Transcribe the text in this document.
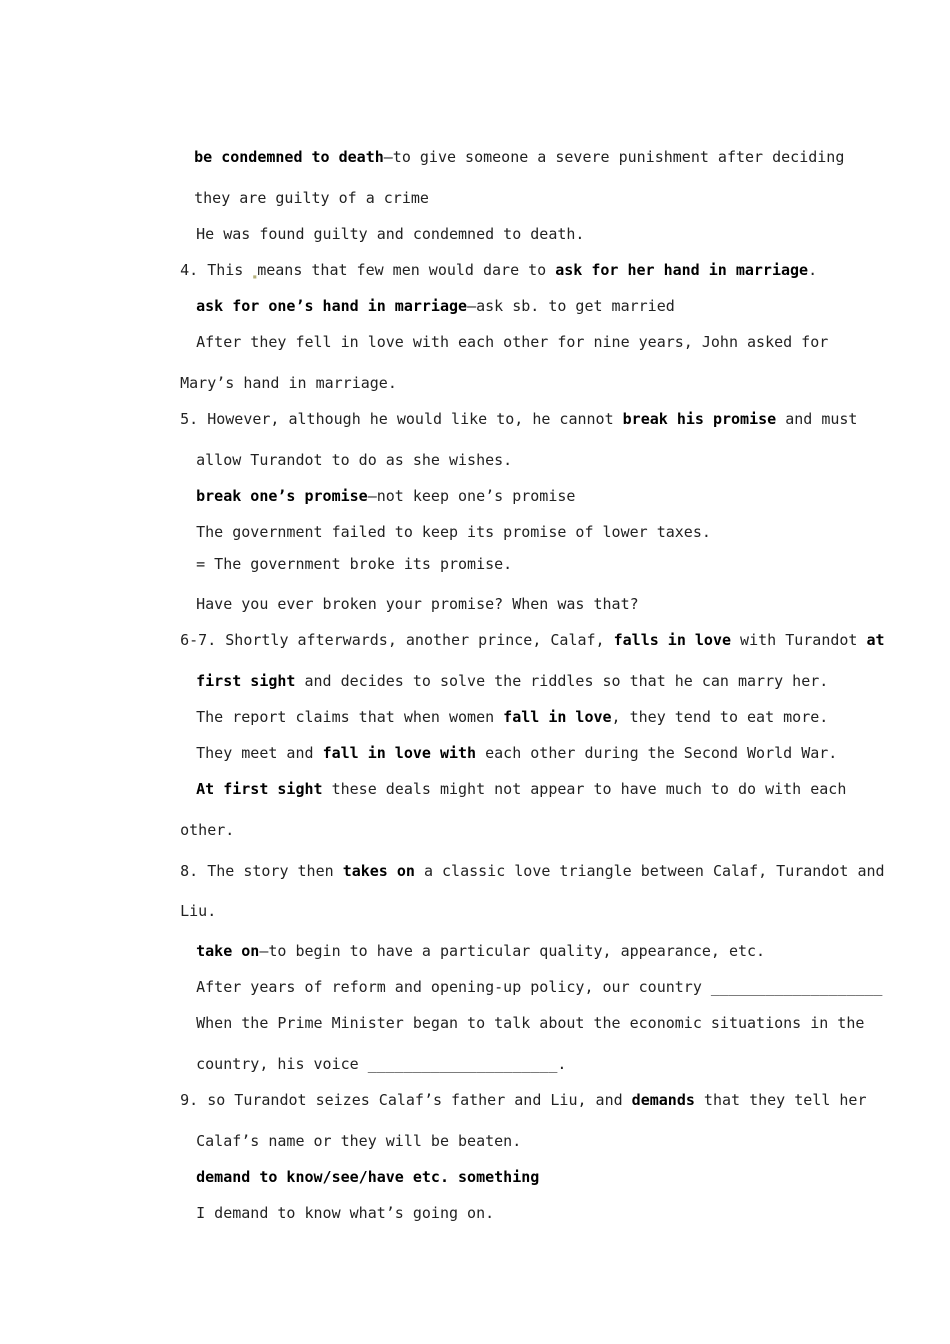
be condemned to death—to give someone a severe punishment after deciding

they are guilty of a crime

He was found guilty and condemned to death.

4. This $_▪$means that few men would dare to ask for her hand in marriage.

ask for one’s hand in marriage—ask sb. to get married

After they fell in love with each other for nine years, John asked for

Mary’s hand in marriage.

5. However, although he would like to, he cannot break his promise and must

allow Turandot to do as she wishes.

break one’s promise—not keep one’s promise

The government failed to keep its promise of lower taxes.

= The government broke its promise.

Have you ever broken your promise? When was that?

6-7. Shortly afterwards, another prince, Calaf, falls in love with Turandot at

first sight and decides to solve the riddles so that he can marry her.

The report claims that when women fall in love, they tend to eat more.

They meet and fall in love with each other during the Second World War.

At first sight these deals might not appear to have much to do with each

other.

8. The story then takes on a classic love triangle between Calaf, Turandot and

Liu.

take on—to begin to have a particular quality, appearance, etc.

After years of reform and opening-up policy, our country ___________________

When the Prime Minister began to talk about the economic situations in the

country, his voice _____________________.

9. so Turandot seizes Calaf’s father and Liu, and demands that they tell her

Calaf’s name or they will be beaten.

demand to know/see/have etc. something

I demand to know what’s going on.
